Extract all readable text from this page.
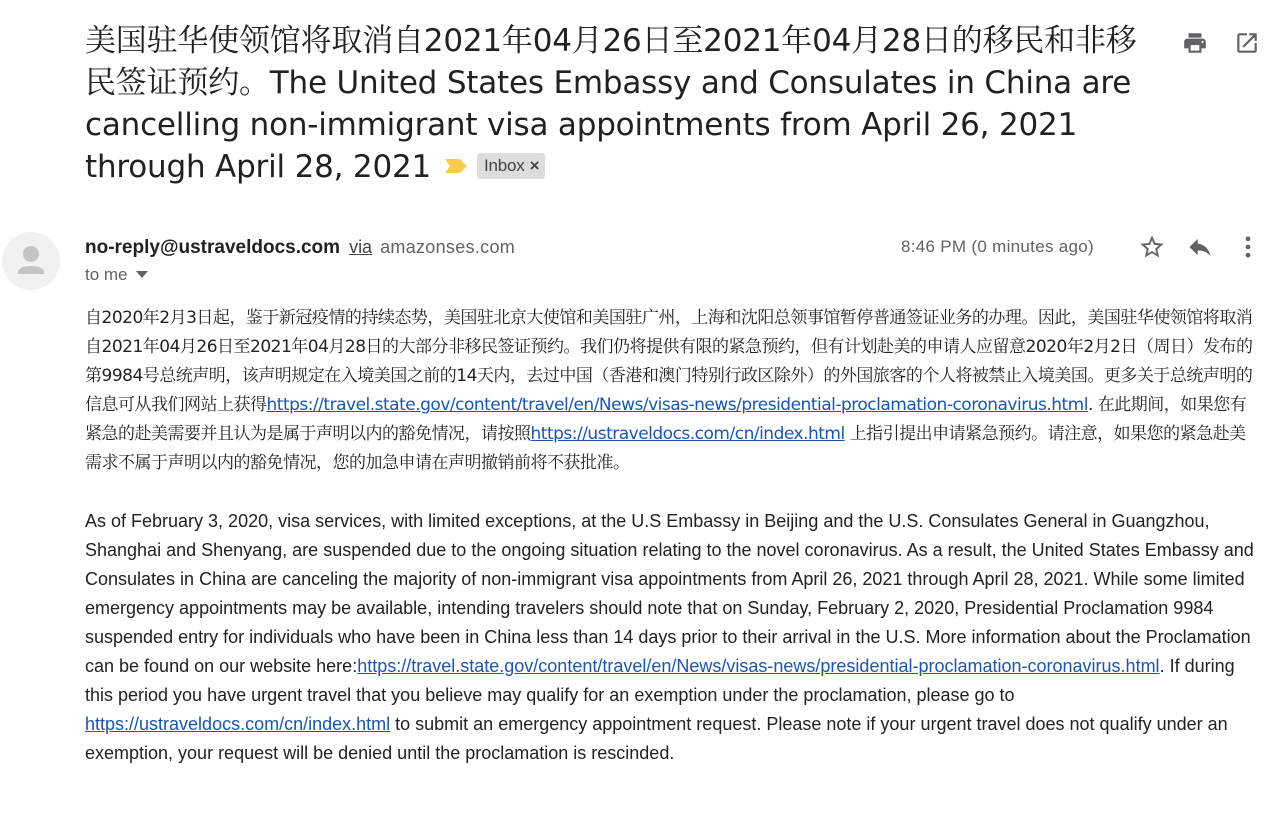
美国驻华使领馆将取消自2021年04月26日至2021年04月28日的移民和非移民签证预约。The United States Embassy and Consulates in China are cancelling non-immigrant visa appointments from April 26, 2021 through April 28, 2021	Inbox ×
no-reply@ustraveldocs.com via amazonses.com
to me
8:46 PM (0 minutes ago)

自2020年2月3日起，鉴于新冠疫情的持续态势，美国驻北京大使馆和美国驻广州，上海和沈阳总领事馆暂停普通签证业务的办理。因此，美国驻华使领馆将取消自2021年04月26日至2021年04月28日的大部分非移民签证预约。我们仍将提供有限的紧急预约，但有计划赴美的申请人应留意2020年2月2日（周日）发布的第9984号总统声明，该声明规定在入境美国之前的14天内，去过中国（香港和澳门特别行政区除外）的外国旅客的个人将被禁止入境美国。更多关于总统声明的信息可从我们网站上获得https://travel.state.gov/content/travel/en/News/visas-news/presidential-proclamation-coronavirus.html. 在此期间，如果您有紧急的赴美需要并且认为是属于声明以内的豁免情况，请按照https://ustraveldocs.com/cn/index.html 上指引提出申请紧急预约。请注意，如果您的紧急赴美需求不属于声明以内的豁免情况，您的加急申请在声明撤销前将不获批准。

As of February 3, 2020, visa services, with limited exceptions, at the U.S Embassy in Beijing and the U.S. Consulates General in Guangzhou, Shanghai and Shenyang, are suspended due to the ongoing situation relating to the novel coronavirus. As a result, the United States Embassy and Consulates in China are canceling the majority of non-immigrant visa appointments from April 26, 2021 through April 28, 2021. While some limited emergency appointments may be available, intending travelers should note that on Sunday, February 2, 2020, Presidential Proclamation 9984 suspended entry for individuals who have been in China less than 14 days prior to their arrival in the U.S. More information about the Proclamation can be found on our website here:https://travel.state.gov/content/travel/en/News/visas-news/presidential-proclamation-coronavirus.html. If during this period you have urgent travel that you believe may qualify for an exemption under the proclamation, please go to https://ustraveldocs.com/cn/index.html to submit an emergency appointment request. Please note if your urgent travel does not qualify under an exemption, your request will be denied until the proclamation is rescinded.
